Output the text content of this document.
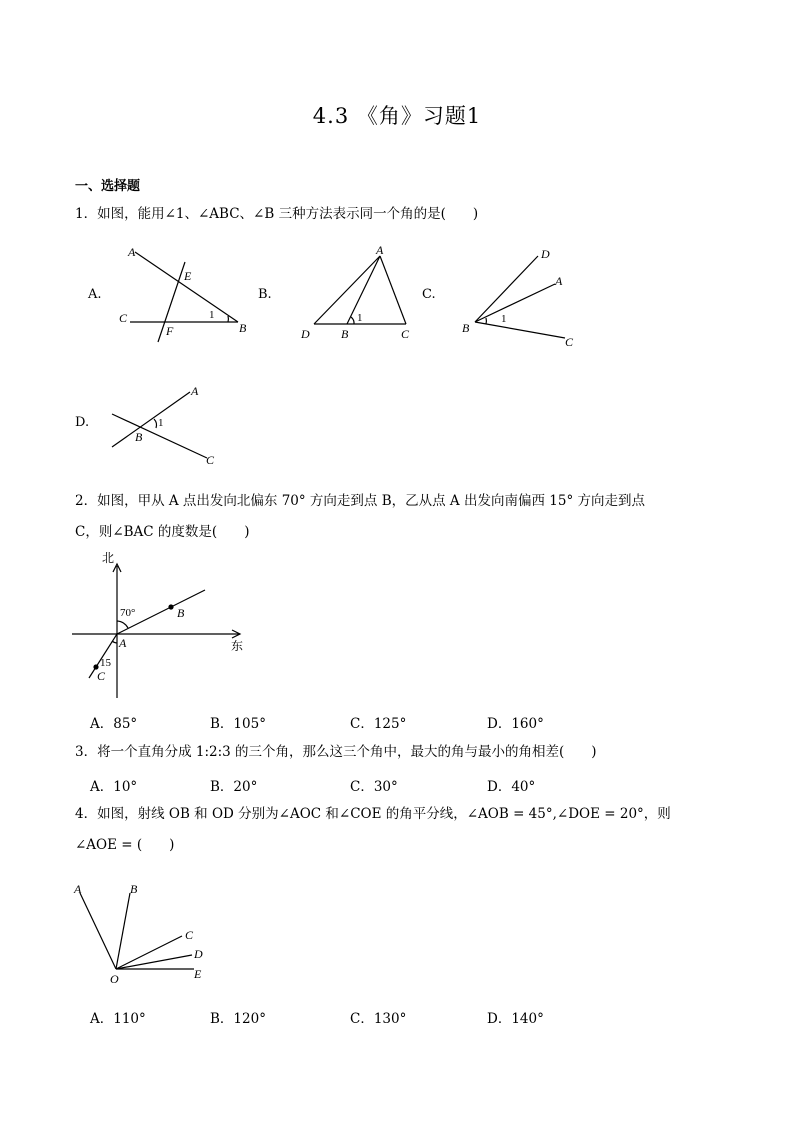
4.3 《角》习题1
一、选择题
1．如图，能用∠1、∠ABC、∠B 三种方法表示同一个角的是(　　)
A.
A
E
C
F
1
B
B.
A
D	B
1
C
C.
D
A
B
1
C
D.
A
B
1
C
2．如图，甲从 A 点出发向北偏东 70° 方向走到点 B，乙从点 A 出发向南偏西 15° 方向走到点
C，则∠BAC 的度数是(　　)
北
东
70°
15
A
B
C
A．85°	B．105°	C．125°	D．160°
3．将一个直角分成 1:2:3 的三个角，那么这三个角中，最大的角与最小的角相差(　　)
A．10°	B．20°	C．30°	D．40°
4．如图，射线 OB 和 OD 分别为∠AOC 和∠COE 的角平分线，∠AOB = 45°,∠DOE = 20°，则
∠AOE = (　　)
A	B
C
D
E
O
A．110°	B．120°	C．130°	D．140°
